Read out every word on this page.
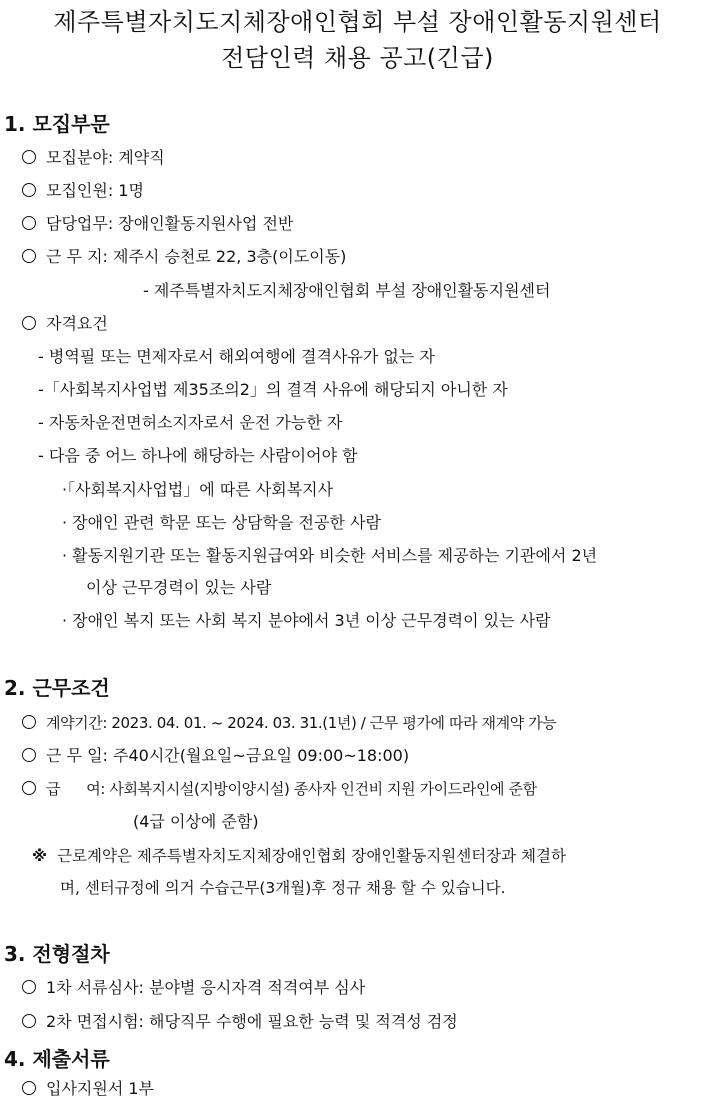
제주특별자치도지체장애인협회 부설 장애인활동지원센터
전담인력 채용 공고(긴급)
1. 모집부문
모집분야: 계약직
모집인원: 1명
담당업무: 장애인활동지원사업 전반
근 무 지: 제주시 승천로 22, 3층(이도이동)
- 제주특별자치도지체장애인협회 부설 장애인활동지원센터
자격요건
- 병역필 또는 면제자로서 해외여행에 결격사유가 없는 자
-「사회복지사업법 제35조의2」의 결격 사유에 해당되지 아니한 자
- 자동차운전면허소지자로서 운전 가능한 자
- 다음 중 어느 하나에 해당하는 사람이어야 함
·「사회복지사업법」에 따른 사회복지사
· 장애인 관련 학문 또는 상담학을 전공한 사람
· 활동지원기관 또는 활동지원급여와 비슷한 서비스를 제공하는 기관에서 2년
이상 근무경력이 있는 사람
· 장애인 복지 또는 사회 복지 분야에서 3년 이상 근무경력이 있는 사람
2. 근무조건
계약기간: 2023. 04. 01. ~ 2024. 03. 31.(1년) / 근무 평가에 따라 재계약 가능
근 무 일: 주40시간(월요일~금요일 09:00~18:00)
급      여: 사회복지시설(지방이양시설) 종사자 인건비 지원 가이드라인에 준함
(4급 이상에 준함)
※ 근로계약은 제주특별자치도지체장애인협회 장애인활동지원센터장과 체결하
며, 센터규정에 의거 수습근무(3개월)후 정규 채용 할 수 있습니다.
3. 전형절차
1차 서류심사: 분야별 응시자격 적격여부 심사
2차 면접시험: 해당직무 수행에 필요한 능력 및 적격성 검정
4. 제출서류
입사지원서 1부
